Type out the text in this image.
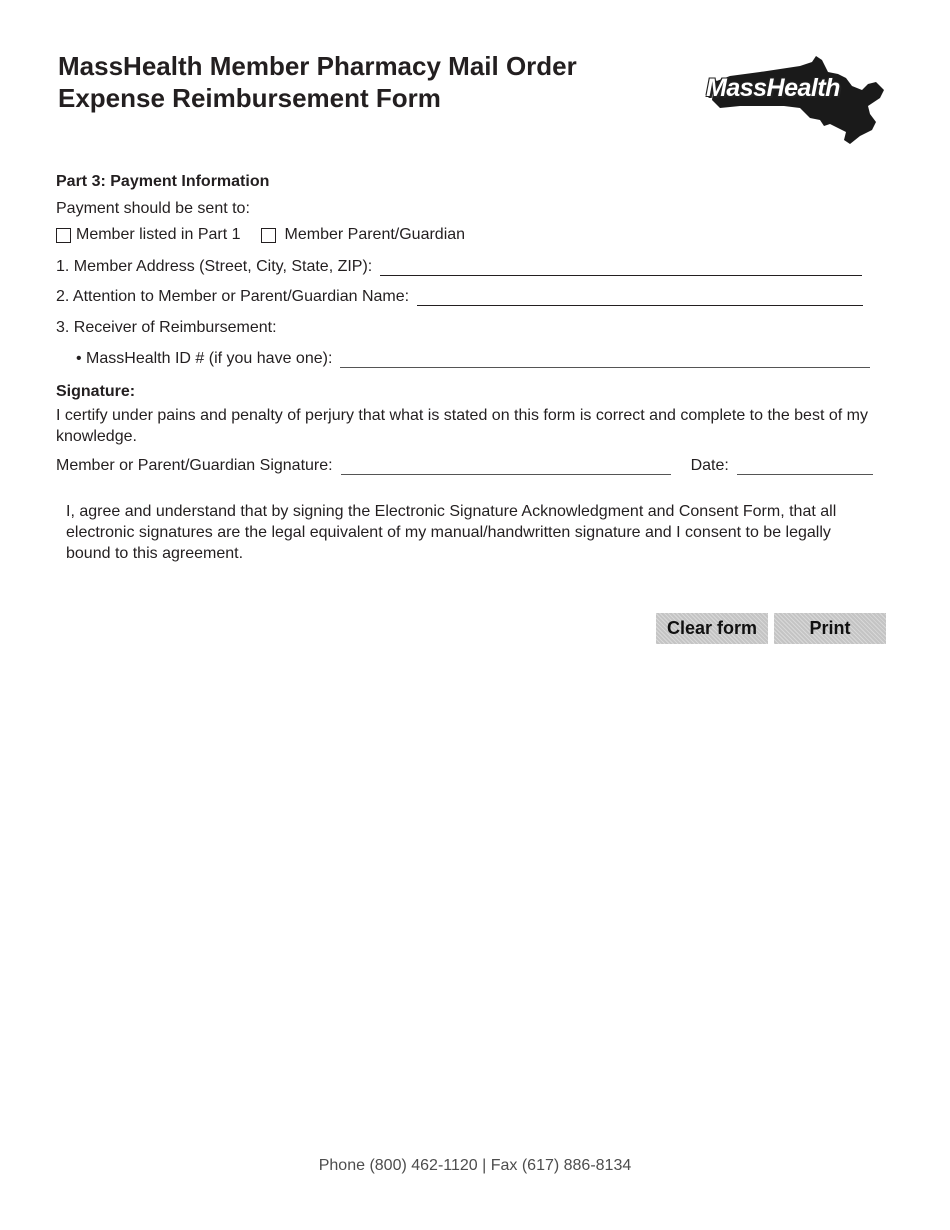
MassHealth Member Pharmacy Mail Order
Expense Reimbursement Form	MassHealth
Part 3: Payment Information
Payment should be sent to:
Member listed in Part 1	Member Parent/Guardian
1. Member Address (Street, City, State, ZIP):
2. Attention to Member or Parent/Guardian Name:
3. Receiver of Reimbursement:
• MassHealth ID # (if you have one):
Signature:

I certify under pains and penalty of perjury that what is stated on this form is correct and complete to the best of my knowledge.

Member or Parent/Guardian Signature:	Date:

I, agree and understand that by signing the Electronic Signature Acknowledgment and Consent Form, that all electronic signatures are the legal equivalent of my manual/handwritten signature and I consent to be legally bound to this agreement.

Clear form	Print
Phone (800) 462-1120 | Fax (617) 886-8134
